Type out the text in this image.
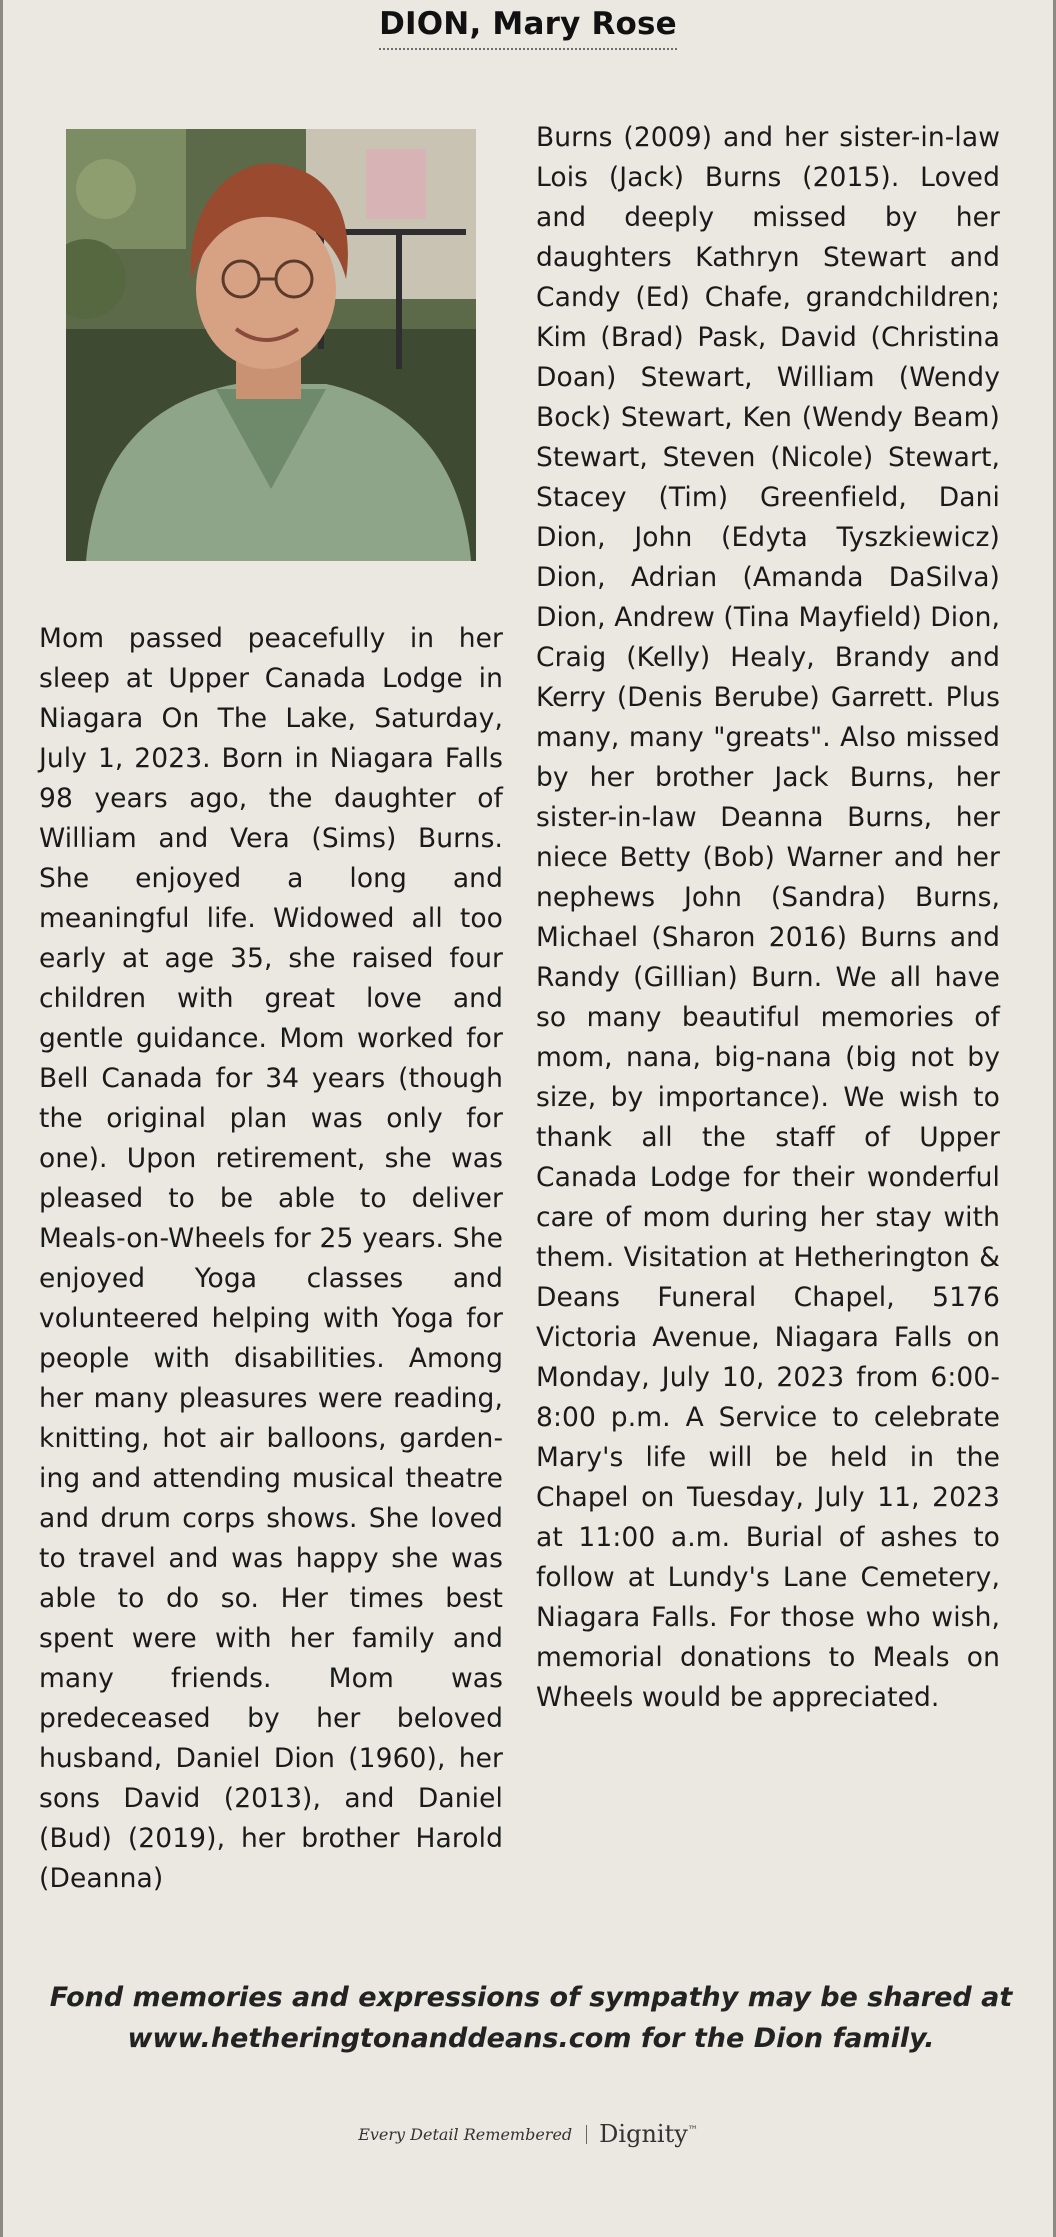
DION, Mary Rose
Mom passed peacefully in her sleep at Upper Canada Lodge in Niagara On The Lake, Saturday, July 1, 2023. Born in Niagara Falls 98 years ago, the daughter of William and Vera (Sims) Burns. She enjoyed a long and meaningful life. Widowed all too early at age 35, she raised four children with great love and gentle guidance. Mom worked for Bell Canada for 34 years (though the original plan was only for one). Upon retirement, she was pleased to be able to deliver Meals-on-Wheels for 25 years. She enjoyed Yoga classes and volunteered helping with Yoga for people with disabilities. Among her many pleasures were reading, knitting, hot air balloons, gardening and attending musical theatre and drum corps shows. She loved to travel and was happy she was able to do so. Her times best spent were with her family and many friends. Mom was predeceased by her beloved husband, Daniel Dion (1960), her sons David (2013), and Daniel (Bud) (2019), her brother Harold (Deanna)
Burns (2009) and her sister-in-law Lois (Jack) Burns (2015). Loved and deeply missed by her daughters Kathryn Stewart and Candy (Ed) Chafe, grandchildren; Kim (Brad) Pask, David (Christina Doan) Stewart, William (Wendy Bock) Stewart, Ken (Wendy Beam) Stewart, Steven (Nicole) Stewart, Stacey (Tim) Greenfield, Dani Dion, John (Edyta Tyszkiewicz) Dion, Adrian (Amanda DaSilva) Dion, Andrew (Tina Mayfield) Dion, Craig (Kelly) Healy, Brandy and Kerry (Denis Berube) Garrett. Plus many, many "greats". Also missed by her brother Jack Burns, her sister-in-law Deanna Burns, her niece Betty (Bob) Warner and her nephews John (Sandra) Burns, Michael (Sharon 2016) Burns and Randy (Gillian) Burn. We all have so many beautiful memories of mom, nana, big-nana (big not by size, by importance). We wish to thank all the staff of Upper Canada Lodge for their wonderful care of mom during her stay with them. Visitation at Hetherington & Deans Funeral Chapel, 5176 Victoria Avenue, Niagara Falls on Monday, July 10, 2023 from 6:00-8:00 p.m. A Service to celebrate Mary's life will be held in the Chapel on Tuesday, July 11, 2023 at 11:00 a.m. Burial of ashes to follow at Lundy's Lane Cemetery, Niagara Falls. For those who wish, memorial donations to Meals on Wheels would be appreciated.
Fond memories and expressions of sympathy may be shared at www.hetheringtonanddeans.com for the Dion family.
Every Detail Remembered Dignity™
